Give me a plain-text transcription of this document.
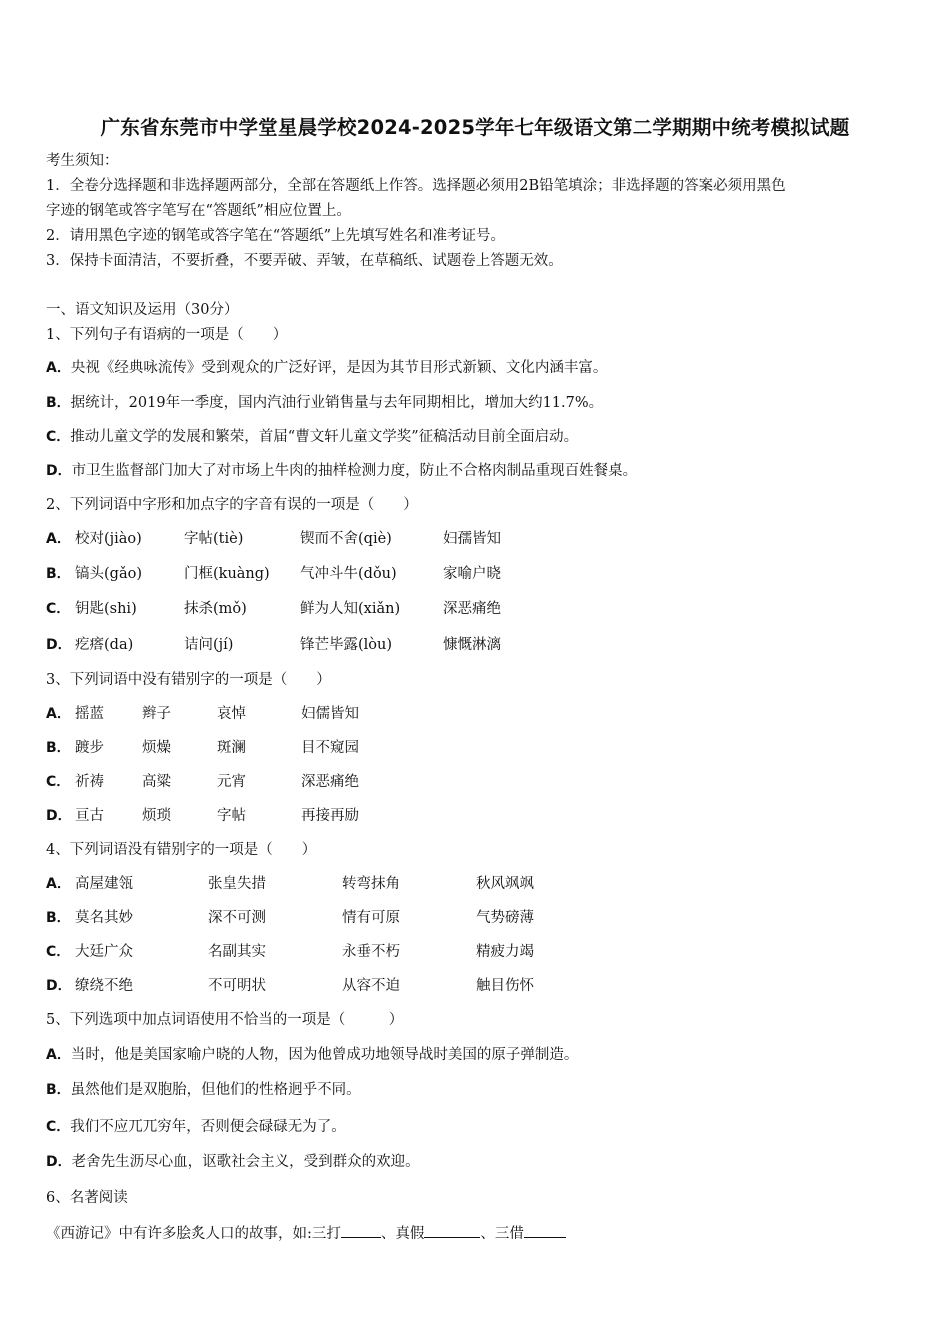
广东省东莞市中学堂星晨学校2024-2025学年七年级语文第二学期期中统考模拟试题
考生须知：
1．全卷分选择题和非选择题两部分，全部在答题纸上作答。选择题必须用2B铅笔填涂；非选择题的答案必须用黑色
字迹的钢笔或答字笔写在“答题纸”相应位置上。
2．请用黑色字迹的钢笔或答字笔在“答题纸”上先填写姓名和准考证号。
3．保持卡面清洁，不要折叠，不要弄破、弄皱，在草稿纸、试题卷上答题无效。
一、语文知识及运用（30分）
1、下列句子有语病的一项是（　　）
A．央视《经典咏流传》受到观众的广泛好评，是因为其节目形式新颖、文化内涵丰富。
B．据统计，2019年一季度，国内汽油行业销售量与去年同期相比，增加大约11.7%。
C．推动儿童文学的发展和繁荣，首届“曹文轩儿童文学奖”征稿活动目前全面启动。
D．市卫生监督部门加大了对市场上牛肉的抽样检测力度，防止不合格肉制品重现百姓餐桌。
2、下列词语中字形和加点字的字音有误的一项是（　　）
A． 校对(jiào)	字帖(tiè)	锲而不舍(qiè)	妇孺皆知
B． 镐头(gǎo)	门框(kuàng) 气冲斗牛(dǒu)	家喻户晓
C． 钥匙(shi)	抹杀(mǒ)	鲜为人知(xiǎn)	深恶痛绝
D． 疙瘩(da)	诘问(jí)	锋芒毕露(lòu)	慷慨淋漓
3、下列词语中没有错别字的一项是（　　）
A． 摇蓝	辫子	哀悼	妇儒皆知
B． 踱步	烦燥	斑澜	目不窥园
C． 祈祷	高粱	元宵	深恶痛绝
D． 亘古	烦琐	字帖	再接再励
4、下列词语没有错别字的一项是（　　）
A． 高屋建瓴	张皇失措	转弯抹角	秋风飒飒
B． 莫名其妙	深不可测	情有可原	气势磅薄
C． 大廷广众	名副其实	永垂不朽	精疲力竭
D． 缭绕不绝	不可明状	从容不迫	触目伤怀
5、下列选项中加点词语使用不恰当的一项是（　　　）
A．当时，他是美国家喻户晓的人物，因为他曾成功地领导战时美国的原子弹制造。
B．虽然他们是双胞胎，但他们的性格迥乎不同。
C．我们不应兀兀穷年，否则便会碌碌无为了。
D．老舍先生沥尽心血，讴歌社会主义，受到群众的欢迎。
6、名著阅读
《西游记》中有许多脍炙人口的故事，如:三打	、真假	、三借
